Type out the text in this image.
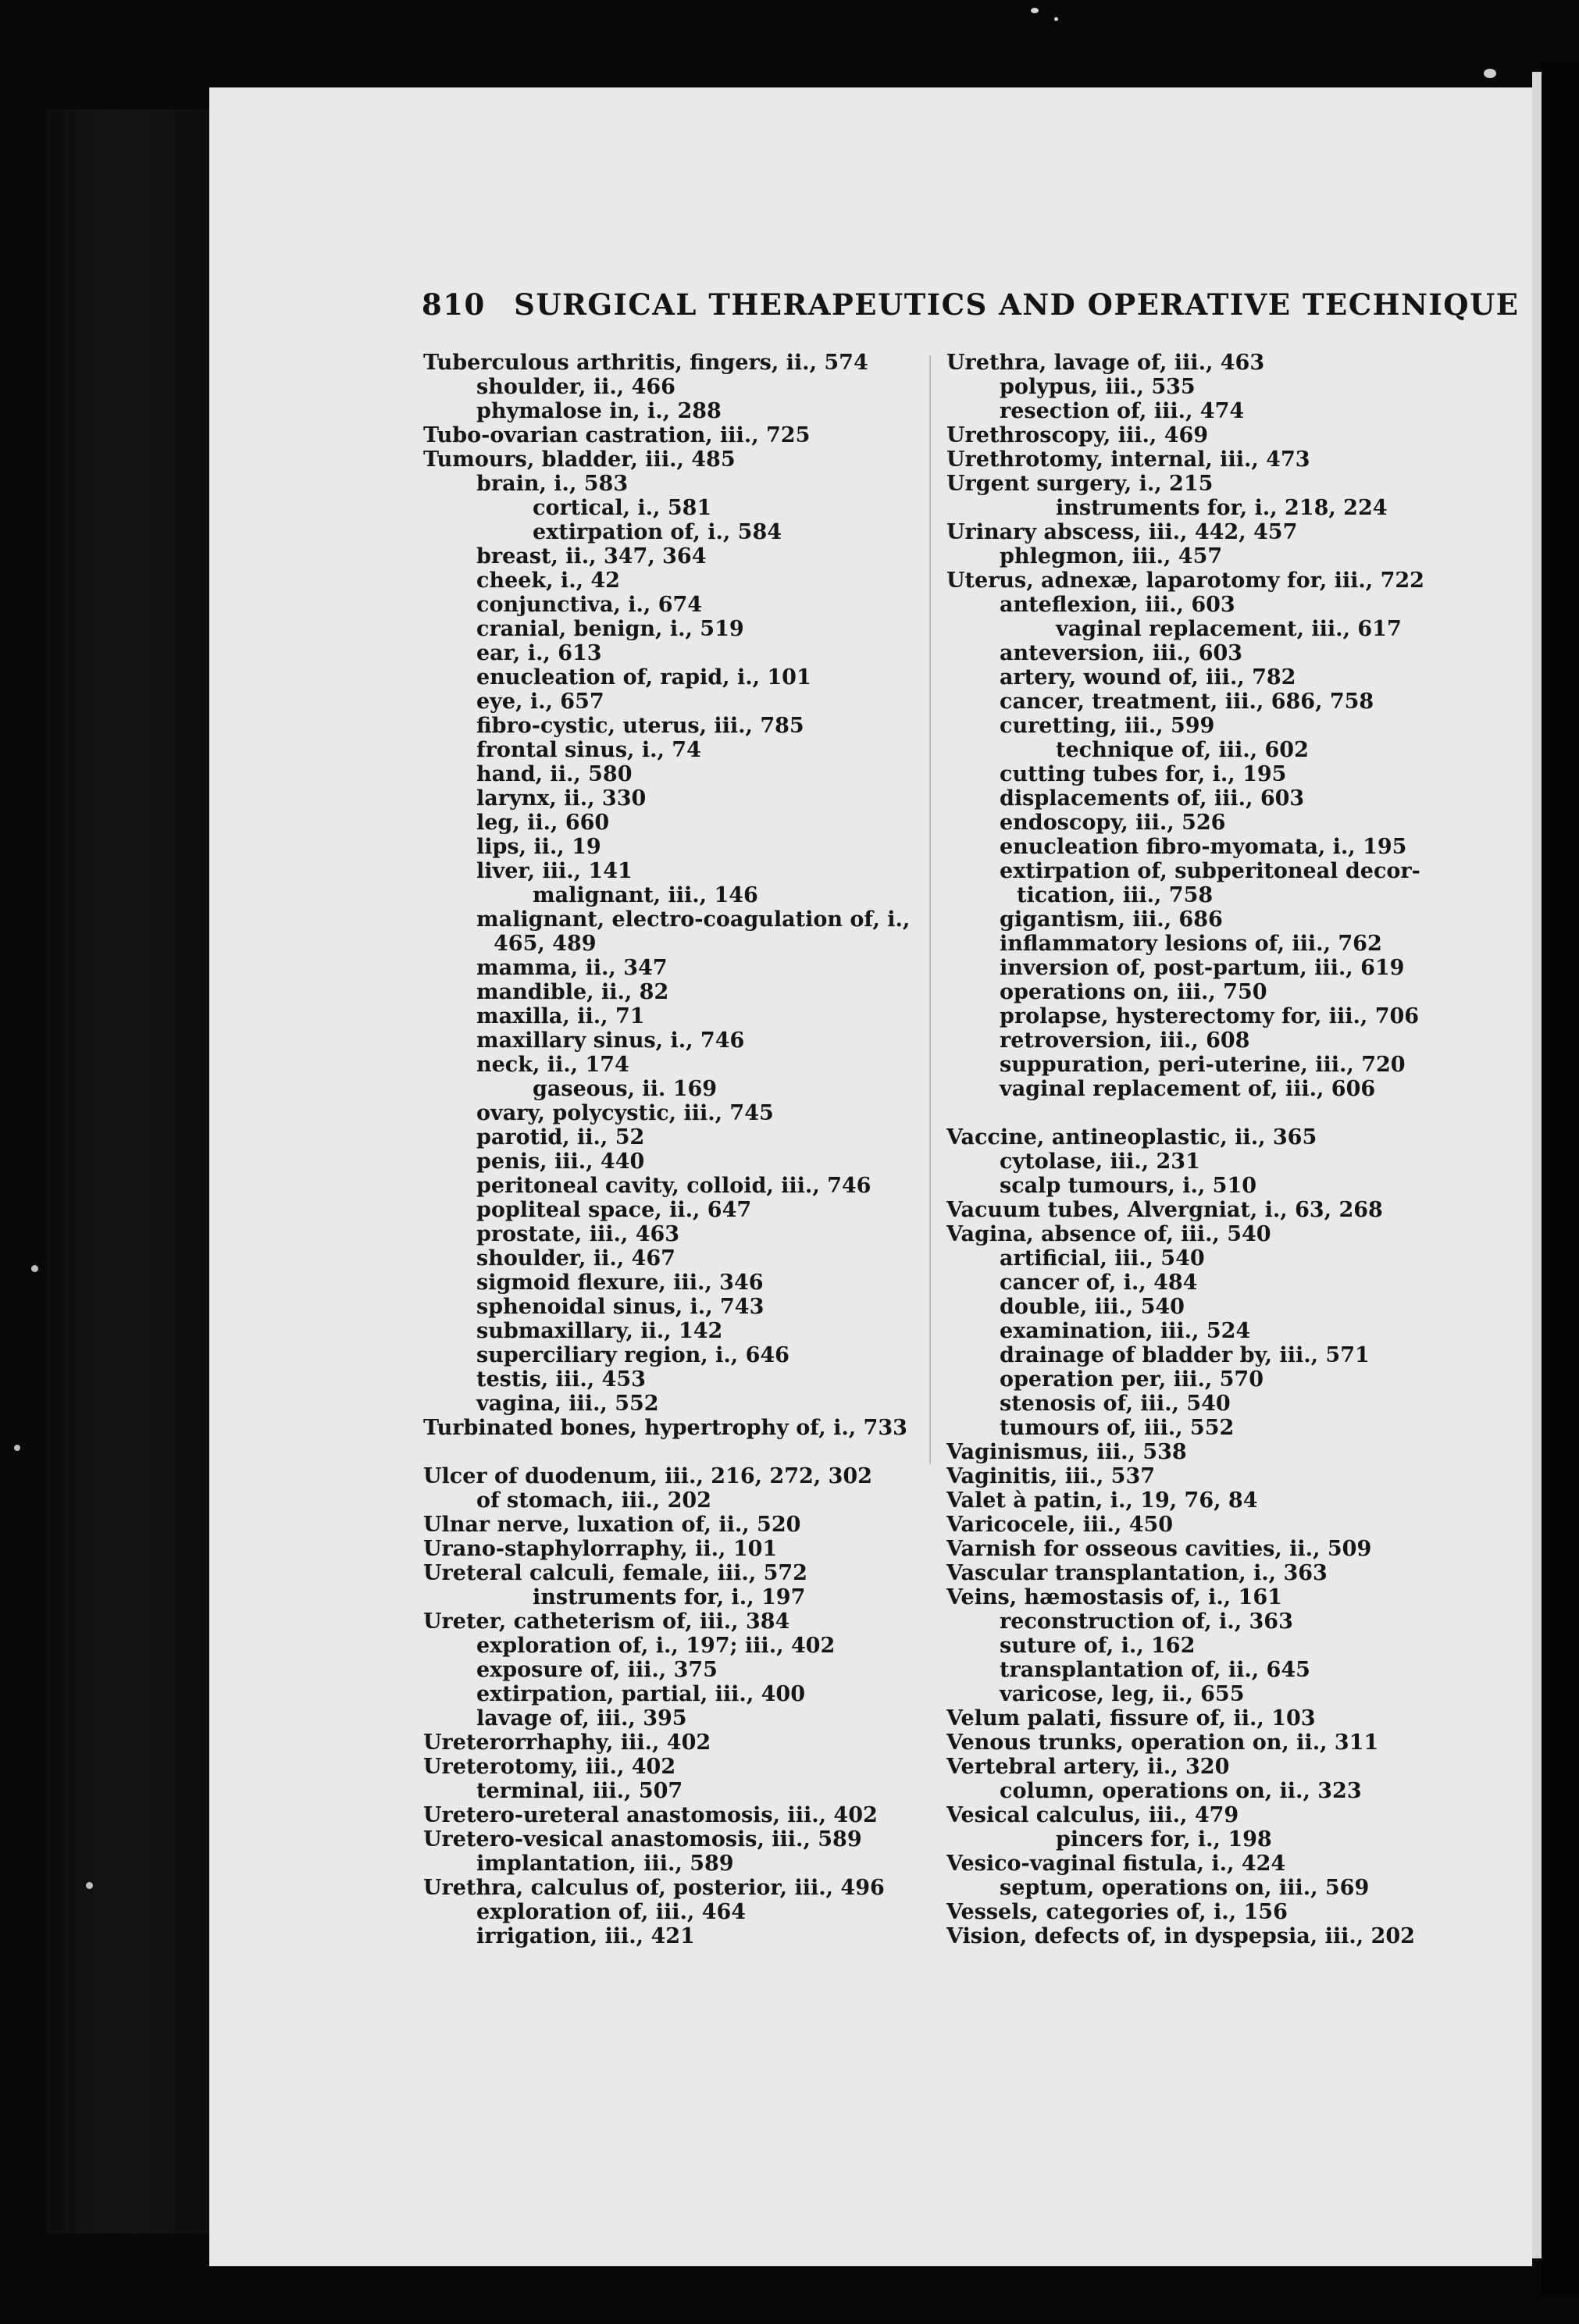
810 SURGICAL THERAPEUTICS AND OPERATIVE TECHNIQUE
Tuberculous arthritis, fingers, ii., 574
shoulder, ii., 466
phymalose in, i., 288
Tubo-ovarian castration, iii., 725
Tumours, bladder, iii., 485
brain, i., 583
cortical, i., 581
extirpation of, i., 584
breast, ii., 347, 364
cheek, i., 42
conjunctiva, i., 674
cranial, benign, i., 519
ear, i., 613
enucleation of, rapid, i., 101
eye, i., 657
fibro-cystic, uterus, iii., 785
frontal sinus, i., 74
hand, ii., 580
larynx, ii., 330
leg, ii., 660
lips, ii., 19
liver, iii., 141
malignant, iii., 146
malignant, electro-coagulation of, i.,
465, 489
mamma, ii., 347
mandible, ii., 82
maxilla, ii., 71
maxillary sinus, i., 746
neck, ii., 174
gaseous, ii. 169
ovary, polycystic, iii., 745
parotid, ii., 52
penis, iii., 440
peritoneal cavity, colloid, iii., 746
popliteal space, ii., 647
prostate, iii., 463
shoulder, ii., 467
sigmoid flexure, iii., 346
sphenoidal sinus, i., 743
submaxillary, ii., 142
superciliary region, i., 646
testis, iii., 453
vagina, iii., 552
Turbinated bones, hypertrophy of, i., 733
Ulcer of duodenum, iii., 216, 272, 302
of stomach, iii., 202
Ulnar nerve, luxation of, ii., 520
Urano-staphylorraphy, ii., 101
Ureteral calculi, female, iii., 572
instruments for, i., 197
Ureter, catheterism of, iii., 384
exploration of, i., 197; iii., 402
exposure of, iii., 375
extirpation, partial, iii., 400
lavage of, iii., 395
Ureterorrhaphy, iii., 402
Ureterotomy, iii., 402
terminal, iii., 507
Uretero-ureteral anastomosis, iii., 402
Uretero-vesical anastomosis, iii., 589
implantation, iii., 589
Urethra, calculus of, posterior, iii., 496
exploration of, iii., 464
irrigation, iii., 421
Urethra, lavage of, iii., 463
polypus, iii., 535
resection of, iii., 474
Urethroscopy, iii., 469
Urethrotomy, internal, iii., 473
Urgent surgery, i., 215
instruments for, i., 218, 224
Urinary abscess, iii., 442, 457
phlegmon, iii., 457
Uterus, adnexæ, laparotomy for, iii., 722
anteflexion, iii., 603
vaginal replacement, iii., 617
anteversion, iii., 603
artery, wound of, iii., 782
cancer, treatment, iii., 686, 758
curetting, iii., 599
technique of, iii., 602
cutting tubes for, i., 195
displacements of, iii., 603
endoscopy, iii., 526
enucleation fibro-myomata, i., 195
extirpation of, subperitoneal decor-
tication, iii., 758
gigantism, iii., 686
inflammatory lesions of, iii., 762
inversion of, post-partum, iii., 619
operations on, iii., 750
prolapse, hysterectomy for, iii., 706
retroversion, iii., 608
suppuration, peri-uterine, iii., 720
vaginal replacement of, iii., 606
Vaccine, antineoplastic, ii., 365
cytolase, iii., 231
scalp tumours, i., 510
Vacuum tubes, Alvergniat, i., 63, 268
Vagina, absence of, iii., 540
artificial, iii., 540
cancer of, i., 484
double, iii., 540
examination, iii., 524
drainage of bladder by, iii., 571
operation per, iii., 570
stenosis of, iii., 540
tumours of, iii., 552
Vaginismus, iii., 538
Vaginitis, iii., 537
Valet à patin, i., 19, 76, 84
Varicocele, iii., 450
Varnish for osseous cavities, ii., 509
Vascular transplantation, i., 363
Veins, hæmostasis of, i., 161
reconstruction of, i., 363
suture of, i., 162
transplantation of, ii., 645
varicose, leg, ii., 655
Velum palati, fissure of, ii., 103
Venous trunks, operation on, ii., 311
Vertebral artery, ii., 320
column, operations on, ii., 323
Vesical calculus, iii., 479
pincers for, i., 198
Vesico-vaginal fistula, i., 424
septum, operations on, iii., 569
Vessels, categories of, i., 156
Vision, defects of, in dyspepsia, iii., 202
